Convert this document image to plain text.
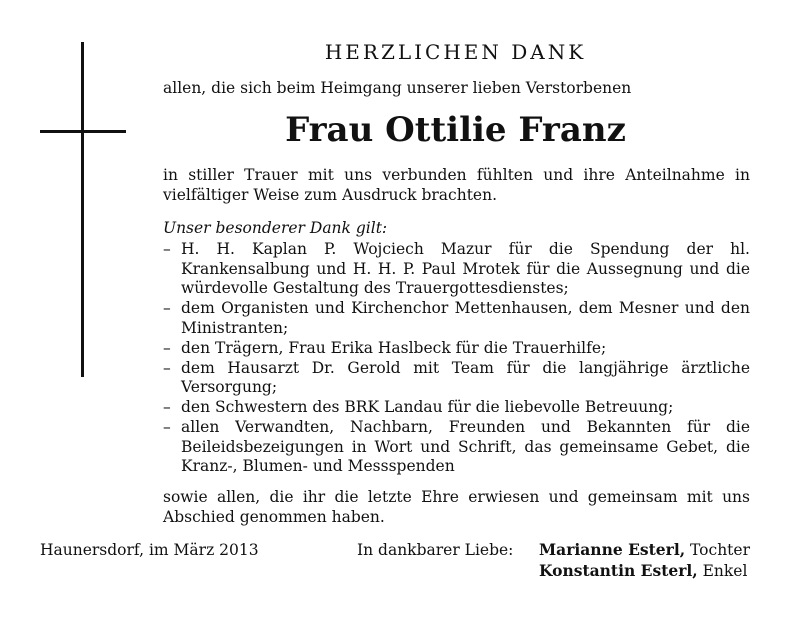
HERZLICHEN DANK
allen, die sich beim Heimgang unserer lieben Verstorbenen
Frau Ottilie Franz
in stiller Trauer mit uns verbunden fühlten und ihre Anteilnahme in vielfältiger Weise zum Ausdruck brachten.
Unser besonderer Dank gilt:
– H. H. Kaplan P. Wojciech Mazur für die Spendung der hl. Krankensalbung und H. H. P. Paul Mrotek für die Aussegnung und die würdevolle Gestaltung des Trauergottesdienstes;
– dem Organisten und Kirchenchor Mettenhausen, dem Mesner und den Ministranten;
– den Trägern, Frau Erika Haslbeck für die Trauerhilfe;
– dem Hausarzt Dr. Gerold mit Team für die langjährige ärztliche Versorgung;
– den Schwestern des BRK Landau für die liebevolle Betreuung;
– allen Verwandten, Nachbarn, Freunden und Bekannten für die Beileidsbezeigungen in Wort und Schrift, das gemeinsame Gebet, die Kranz-, Blumen- und Messspenden
sowie allen, die ihr die letzte Ehre erwiesen und gemeinsam mit uns Abschied genommen haben.
Haunersdorf, im März 2013	In dankbarer Liebe: Marianne Esterl, Tochter
Konstantin Esterl, Enkel
